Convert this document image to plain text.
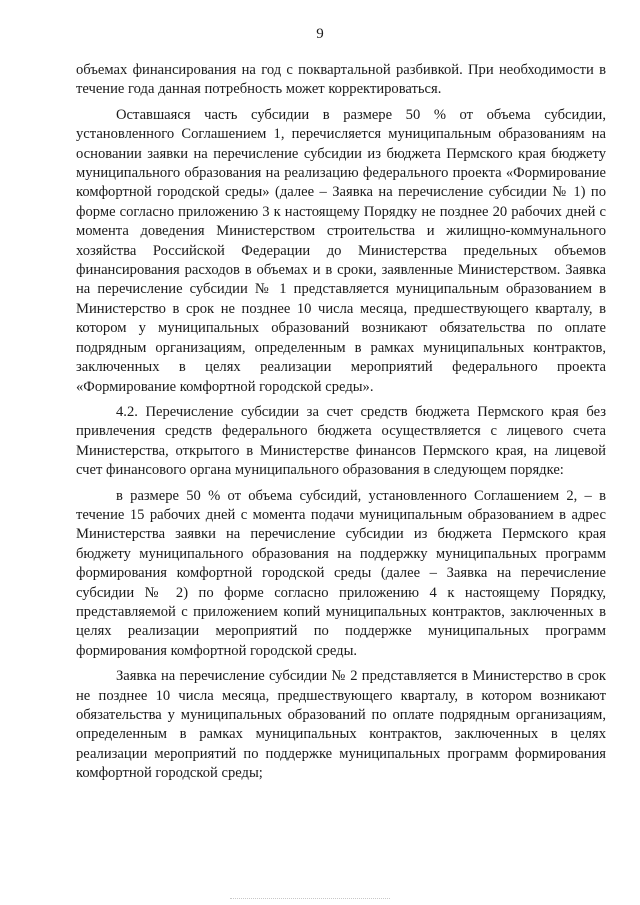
9

объемах финансирования на год с поквартальной разбивкой. При необходимости в течение года данная потребность может корректироваться.

Оставшаяся часть субсидии в размере 50 % от объема субсидии, установленного Соглашением 1, перечисляется муниципальным образованиям на основании заявки на перечисление субсидии из бюджета Пермского края бюджету муниципального образования на реализацию федерального проекта «Формирование комфортной городской среды» (далее – Заявка на перечисление субсидии № 1) по форме согласно приложению 3 к настоящему Порядку не позднее 20 рабочих дней с момента доведения Министерством строительства и жилищно-коммунального хозяйства Российской Федерации до Министерства предельных объемов финансирования расходов в объемах и в сроки, заявленные Министерством. Заявка на перечисление субсидии № 1 представляется муниципальным образованием в Министерство в срок не позднее 10 числа месяца, предшествующего кварталу, в котором у муниципальных образований возникают обязательства по оплате подрядным организациям, определенным в рамках муниципальных контрактов, заключенных в целях реализации мероприятий федерального проекта «Формирование комфортной городской среды».

4.2. Перечисление субсидии за счет средств бюджета Пермского края без привлечения средств федерального бюджета осуществляется с лицевого счета Министерства, открытого в Министерстве финансов Пермского края, на лицевой счет финансового органа муниципального образования в следующем порядке:

в размере 50 % от объема субсидий, установленного Соглашением 2, – в течение 15 рабочих дней с момента подачи муниципальным образованием в адрес Министерства заявки на перечисление субсидии из бюджета Пермского края бюджету муниципального образования на поддержку муниципальных программ формирования комфортной городской среды (далее – Заявка на перечисление субсидии № 2) по форме согласно приложению 4 к настоящему Порядку, представляемой с приложением копий муниципальных контрактов, заключенных в целях реализации мероприятий по поддержке муниципальных программ формирования комфортной городской среды.

Заявка на перечисление субсидии № 2 представляется в Министерство в срок не позднее 10 числа месяца, предшествующего кварталу, в котором возникают обязательства у муниципальных образований по оплате подрядным организациям, определенным в рамках муниципальных контрактов, заключенных в целях реализации мероприятий по поддержке муниципальных программ формирования комфортной городской среды;
